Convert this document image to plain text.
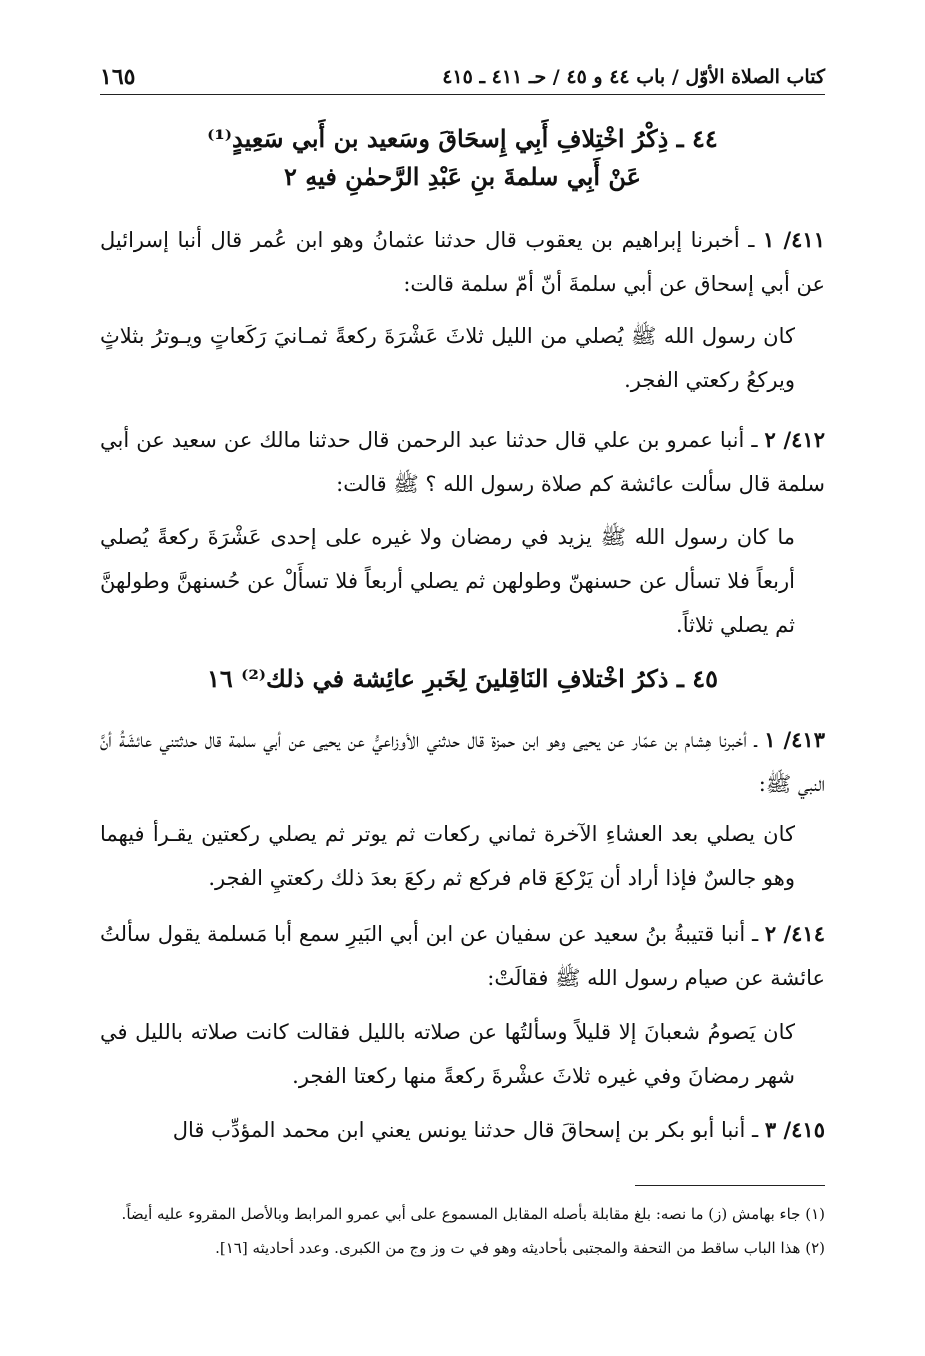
كتاب الصلاة الأوّل / باب ٤٤ و ٤٥ / حـ ٤١١ ـ ٤١٥
١٦٥
٤٤ ـ ذِكْرُ اخْتِلافِ أَبِي إِسحَاقَ وسَعيد بن أَبي سَعِيدٍ⁽¹⁾
عَنْ أَبِي سلمةَ بنِ عَبْدِ الرَّحمٰنِ فيهِ ٢
٤١١/ ١ ـ أخبرنا إبراهيم بن يعقوب قال حدثنا عثمانُ وهو ابن عُمر قال أنبا إسرائيل عن أبي إسحاق عن أبي سلمةَ أنّ أمّ سلمة قالت:
كان رسول الله ﷺ يُصلي من الليل ثلاثَ عَشْرَةَ ركعةً ثمـانيَ رَكَعاتٍ ويـوترُ بثلاثٍ ويركعُ ركعتي الفجر.
٤١٢/ ٢ ـ أنبا عمرو بن علي قال حدثنا عبد الرحمن قال حدثنا مالك عن سعيد عن أبي سلمة قال سألت عائشة كم صلاة رسول الله ؟ ﷺ قالت:
ما كان رسول الله ﷺ يزيد في رمضان ولا غيره على إحدى عَشْرَةَ ركعةً يُصلي أربعاً فلا تسأل عن حسنهنّ وطولهن ثم يصلي أربعاً فلا تسأَلْ عن حُسنهنَّ وطولهنَّ ثم يصلي ثلاثاً.
٤٥ ـ ذكرُ اخْتلافِ النَاقِلينَ لِخَبرِ عائِشة في ذلك⁽²⁾ ١٦
٤١٣/ ١ ـ أخبرنا هِشام بن عمّار عن يحيى وهو ابن حمزة قال حدثني الأوزاعيُّ عن يحيى عن أبي سلمة قال حدثتني عائشَةُ أنَّ النبي ﷺ:
كان يصلي بعد العشاءِ الآخرة ثماني ركعات ثم يوتر ثم يصلي ركعتين يقـرأ فيهما وهو جالسٌ فإذا أراد أن يَرْكعَ قام فركع ثم ركعَ بعدَ ذلك ركعتيِ الفجر.
٤١٤/ ٢ ـ أنبا قتيبةُ بنُ سعيد عن سفيان عن ابن أبي البَيرِ سمع أبا مَسلمة يقول سألتُ عائشة عن صيام رسول الله ﷺ فقالَتْ:
كان يَصومُ شعبانَ إلا قليلاً وسألتُها عن صلاته بالليل فقالت كانت صلاته بالليل في شهر رمضانَ وفي غيره ثلاثَ عشْرةَ ركعةً منها ركعتا الفجر.
٤١٥/ ٣ ـ أنبا أبو بكر بن إسحاقَ قال حدثنا يونس يعني ابن محمد المؤدِّب قال

(١) جاء بهامش (ز) ما نصه: بلغ مقابلة بأصله المقابل المسموع على أبي عمرو المرابط وبالأصل المقروء عليه أيضاً.

(٢) هذا الباب ساقط من التحفة والمجتبى بأحاديثه وهو في ت وز وج من الكبرى. وعدد أحاديثه [١٦].
